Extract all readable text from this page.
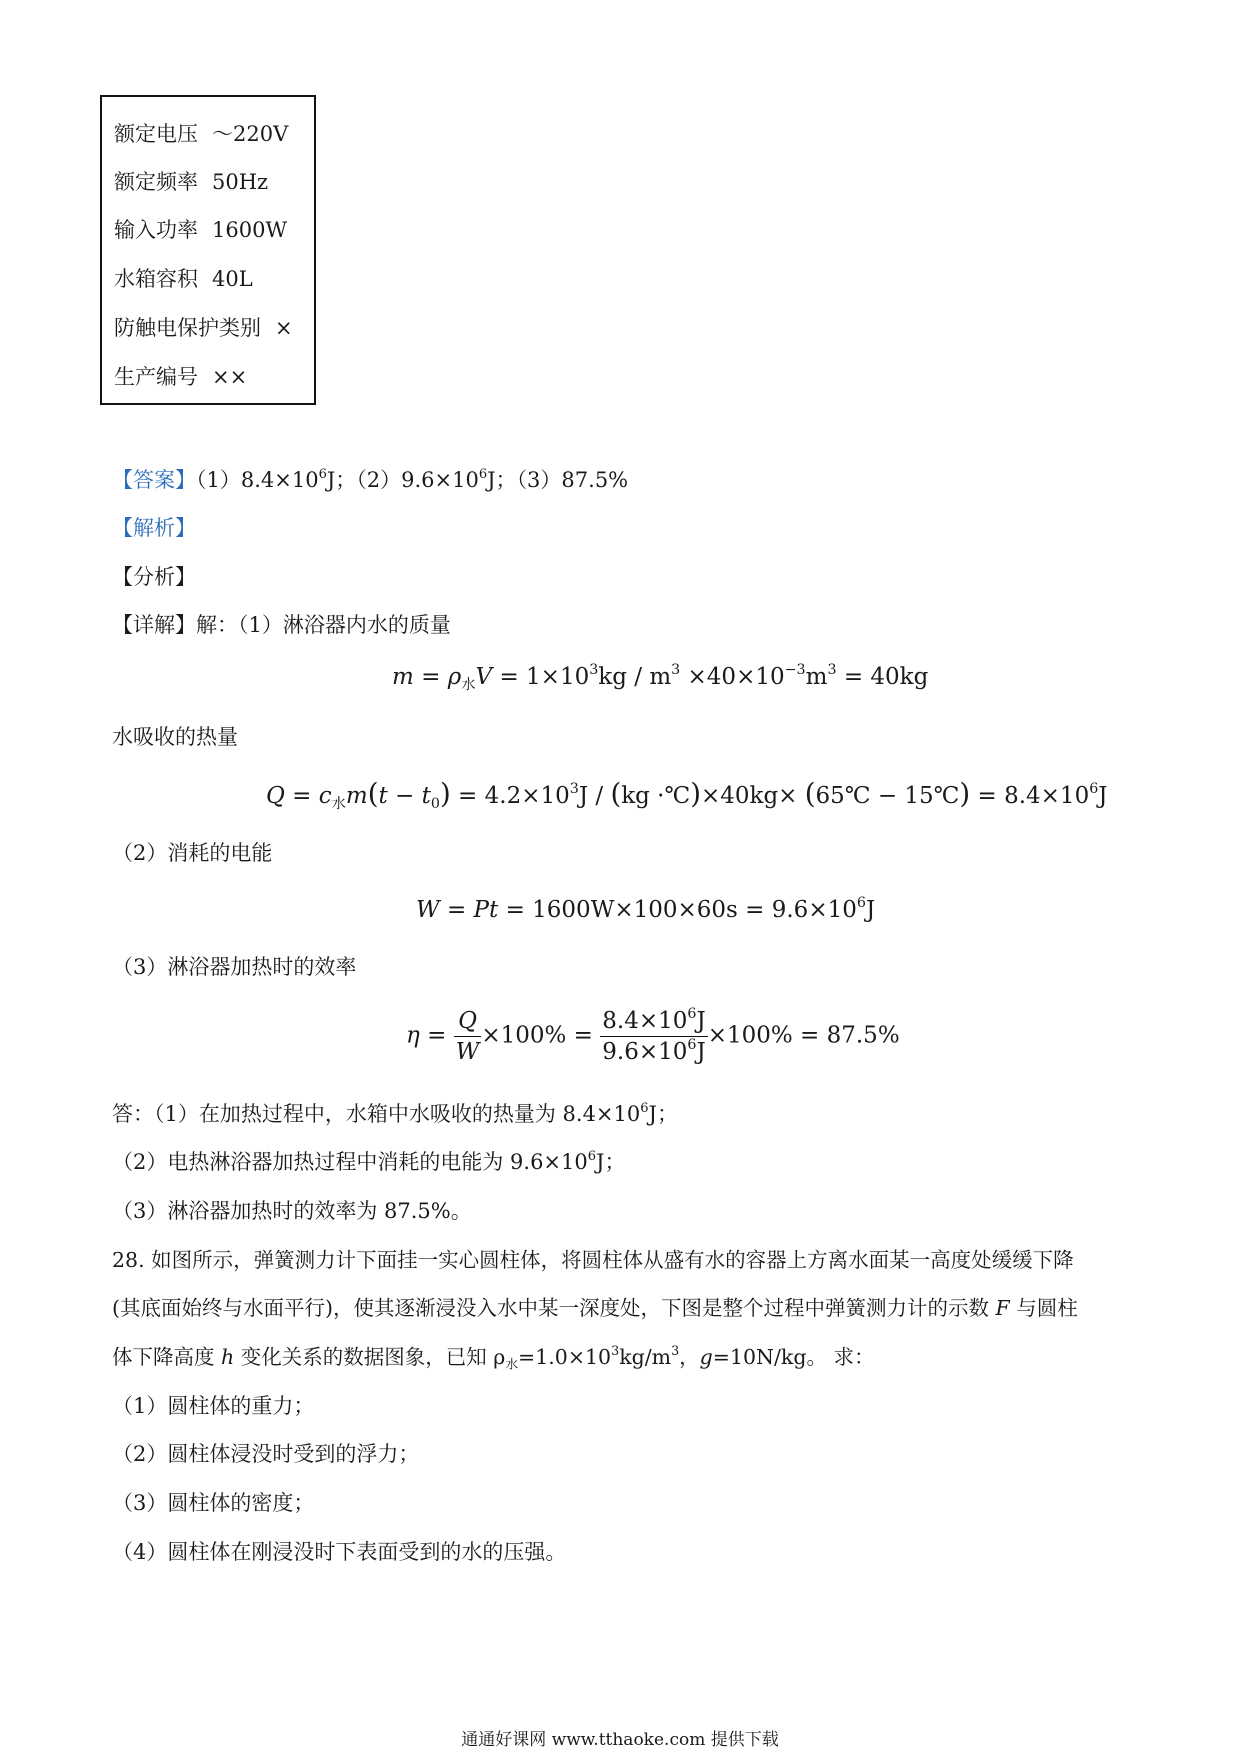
额定电压 ～220V
额定频率 50Hz
输入功率 1600W
水箱容积 40L
防触电保护类别 ×
生产编号 ××
【答案】$(1)8.4\times 10^6J$；$(2)9.6\times 10^6J$；（3）87.5%
【解析】
【分析】
【详解】解：（1）淋浴器内水的质量
$m = \rho_水V = 1\times 10^3kg / m^3 \times 40\times 10^{-3}m^3 = 40kg$
水吸收的热量
$Q = c_水m(t - t_0) = 4.2\times 10^3J / (kg$ ·℃)×40kg× (65℃ − 15℃) = $8.4\times 10^6J$
（2）消耗的电能
$W = Pt = 1600W\times 100\times 60s = 9.6\times 10^6J$
（3）淋浴器加热时的效率
$\eta = \frac{Q}{W} \times 100\% = \frac{8.4\times 10^6J}{9.6\times 10^6J} \times 100\% = 87.5\%$
答：（1）在加热过程中，水箱中水吸收的热量为 $8.4\times 10^6J$；
（2）电热淋浴器加热过程中消耗的电能为 $9.6\times 10^6J$；
（3）淋浴器加热时的效率为 87.5%。
28. 如图所示，弹簧测力计下面挂一实心圆柱体，将圆柱体从盛有水的容器上方离水面某一高度处缓缓下降
(其底面始终与水面平行)，使其逐渐浸没入水中某一深度处，下图是整个过程中弹簧测力计的示数 F 与圆柱
体下降高度 h 变化关系的数据图象，已知 $\rho_水=1.0\times 10^3kg/m^3$，g=10N/kg。 求：
（1）圆柱体的重力；
（2）圆柱体浸没时受到的浮力；
（3）圆柱体的密度；
（4）圆柱体在刚浸没时下表面受到的水的压强。
通通好课网 www.tthaoke.com 提供下载
